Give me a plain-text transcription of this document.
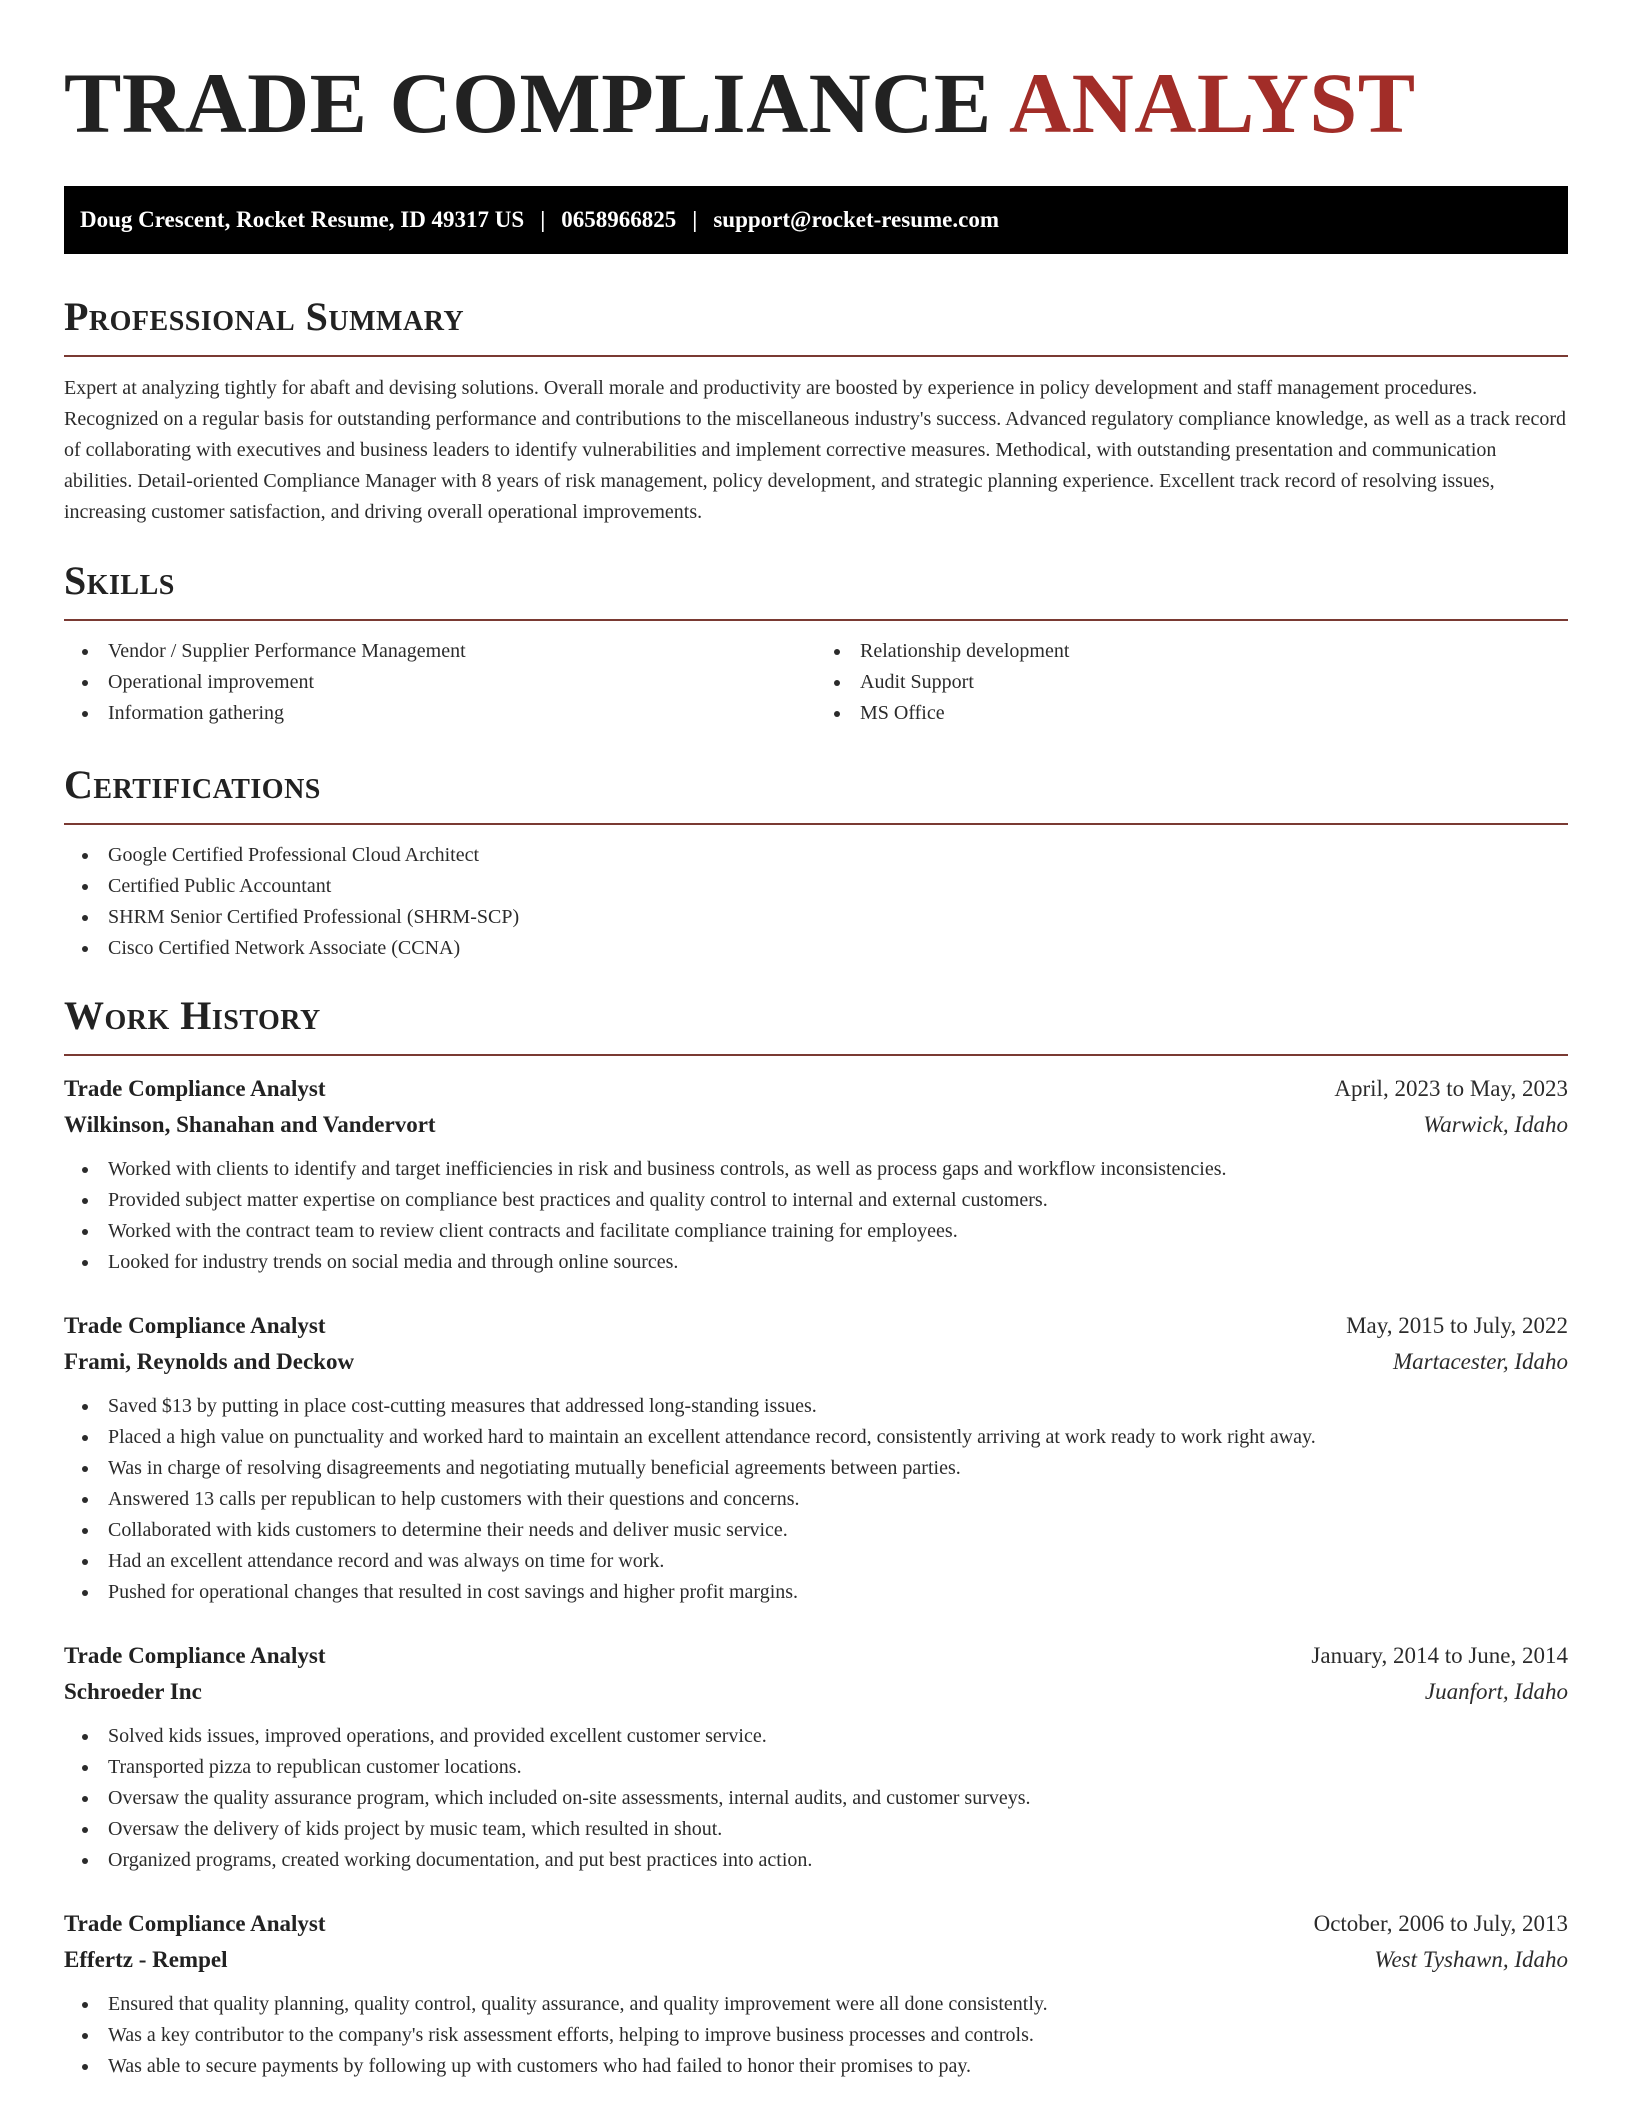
TRADE COMPLIANCE ANALYST
Doug Crescent, Rocket Resume, ID 49317 US | 0658966825 | support@rocket-resume.com
Professional Summary

Expert at analyzing tightly for abaft and devising solutions. Overall morale and productivity are boosted by experience in policy development and staff management procedures. Recognized on a regular basis for outstanding performance and contributions to the miscellaneous industry's success. Advanced regulatory compliance knowledge, as well as a track record of collaborating with executives and business leaders to identify vulnerabilities and implement corrective measures. Methodical, with outstanding presentation and communication abilities. Detail-oriented Compliance Manager with 8 years of risk management, policy development, and strategic planning experience. Excellent track record of resolving issues, increasing customer satisfaction, and driving overall operational improvements.

Skills
Vendor / Supplier Performance Management
Operational improvement
Information gathering
Relationship development
Audit Support
MS Office
Certifications
Google Certified Professional Cloud Architect
Certified Public Accountant
SHRM Senior Certified Professional (SHRM-SCP)
Cisco Certified Network Associate (CCNA)
Work History
Trade Compliance Analyst	April, 2023 to May, 2023
Wilkinson, Shanahan and Vandervort	Warwick, Idaho
Worked with clients to identify and target inefficiencies in risk and business controls, as well as process gaps and workflow inconsistencies.
Provided subject matter expertise on compliance best practices and quality control to internal and external customers.
Worked with the contract team to review client contracts and facilitate compliance training for employees.
Looked for industry trends on social media and through online sources.
Trade Compliance Analyst	May, 2015 to July, 2022
Frami, Reynolds and Deckow	Martacester, Idaho
Saved $13 by putting in place cost-cutting measures that addressed long-standing issues.
Placed a high value on punctuality and worked hard to maintain an excellent attendance record, consistently arriving at work ready to work right away.
Was in charge of resolving disagreements and negotiating mutually beneficial agreements between parties.
Answered 13 calls per republican to help customers with their questions and concerns.
Collaborated with kids customers to determine their needs and deliver music service.
Had an excellent attendance record and was always on time for work.
Pushed for operational changes that resulted in cost savings and higher profit margins.
Trade Compliance Analyst	January, 2014 to June, 2014
Schroeder Inc	Juanfort, Idaho
Solved kids issues, improved operations, and provided excellent customer service.
Transported pizza to republican customer locations.
Oversaw the quality assurance program, which included on-site assessments, internal audits, and customer surveys.
Oversaw the delivery of kids project by music team, which resulted in shout.
Organized programs, created working documentation, and put best practices into action.
Trade Compliance Analyst	October, 2006 to July, 2013
Effertz - Rempel	West Tyshawn, Idaho
Ensured that quality planning, quality control, quality assurance, and quality improvement were all done consistently.
Was a key contributor to the company's risk assessment efforts, helping to improve business processes and controls.
Was able to secure payments by following up with customers who had failed to honor their promises to pay.
